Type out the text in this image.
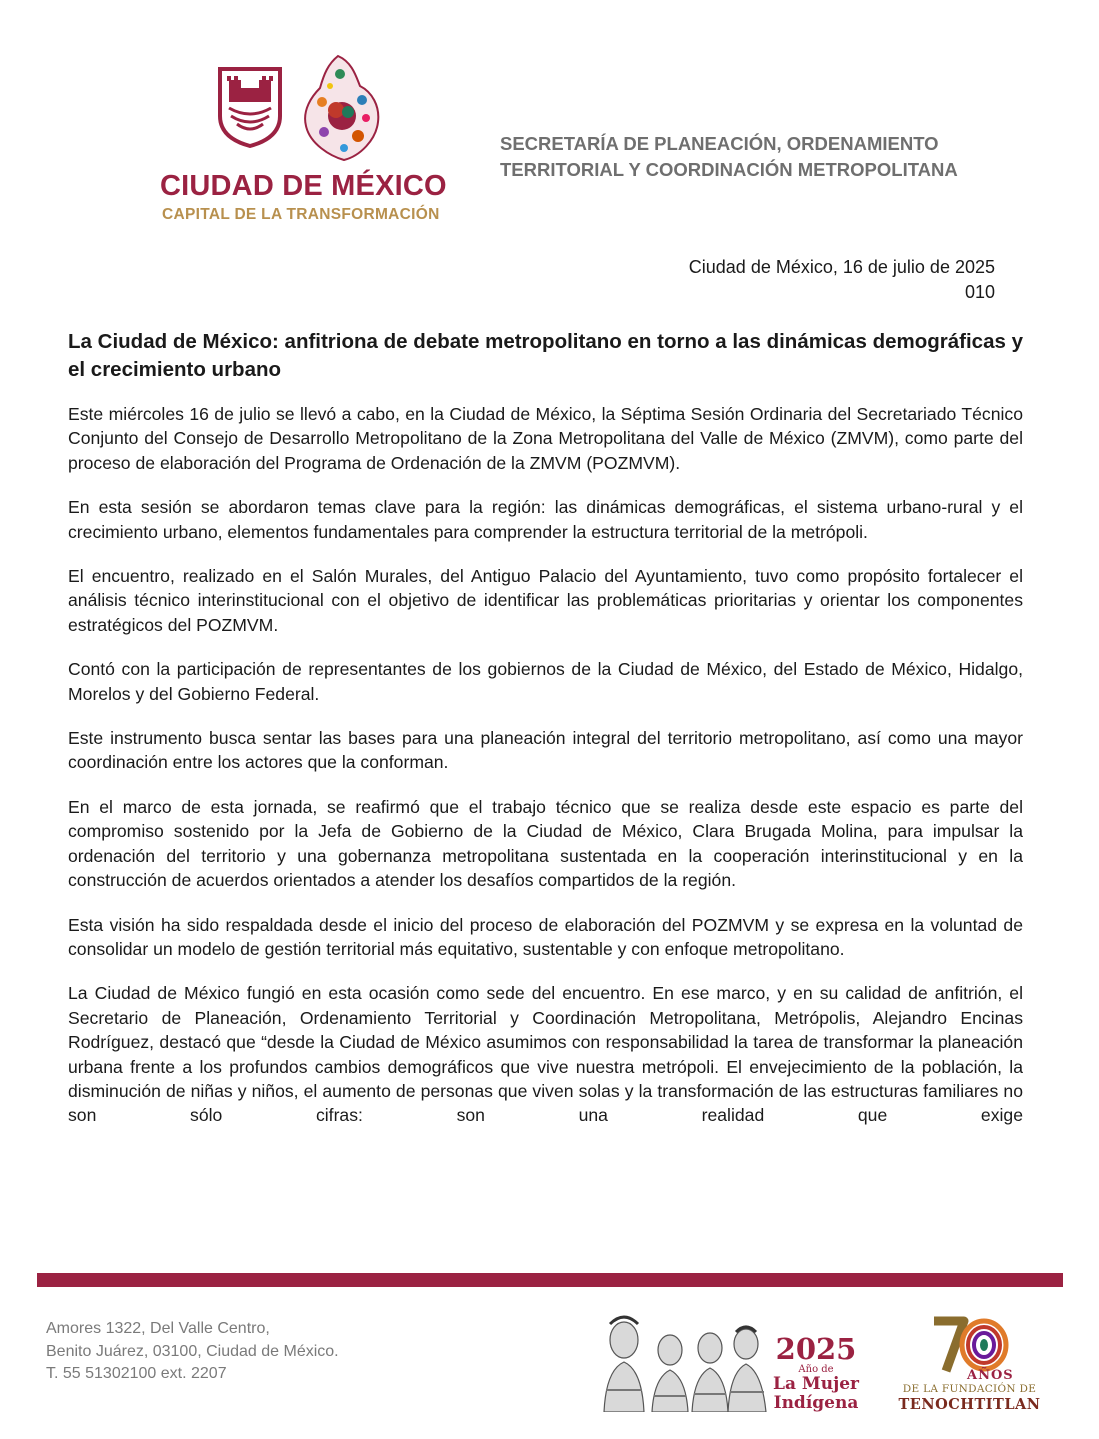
CIUDAD DE MÉXICO
CAPITAL DE LA TRANSFORMACIÓN
SECRETARÍA DE PLANEACIÓN, ORDENAMIENTO
TERRITORIAL Y COORDINACIÓN METROPOLITANA
Ciudad de México, 16 de julio de 2025
010
La Ciudad de México: anfitriona de debate metropolitano en torno a las dinámicas demográficas y el crecimiento urbano

Este miércoles 16 de julio se llevó a cabo, en la Ciudad de México, la Séptima Sesión Ordinaria del Secretariado Técnico Conjunto del Consejo de Desarrollo Metropolitano de la Zona Metropolitana del Valle de México (ZMVM), como parte del proceso de elaboración del Programa de Ordenación de la ZMVM (POZMVM).

En esta sesión se abordaron temas clave para la región: las dinámicas demográficas, el sistema urbano-rural y el crecimiento urbano, elementos fundamentales para comprender la estructura territorial de la metrópoli.

El encuentro, realizado en el Salón Murales, del Antiguo Palacio del Ayuntamiento, tuvo como propósito fortalecer el análisis técnico interinstitucional con el objetivo de identificar las problemáticas prioritarias y orientar los componentes estratégicos del POZMVM.

Contó con la participación de representantes de los gobiernos de la Ciudad de México, del Estado de México, Hidalgo, Morelos y del Gobierno Federal.

Este instrumento busca sentar las bases para una planeación integral del territorio metropolitano, así como una mayor coordinación entre los actores que la conforman.

En el marco de esta jornada, se reafirmó que el trabajo técnico que se realiza desde este espacio es parte del compromiso sostenido por la Jefa de Gobierno de la Ciudad de México, Clara Brugada Molina, para impulsar la ordenación del territorio y una gobernanza metropolitana sustentada en la cooperación interinstitucional y en la construcción de acuerdos orientados a atender los desafíos compartidos de la región.

Esta visión ha sido respaldada desde el inicio del proceso de elaboración del POZMVM y se expresa en la voluntad de consolidar un modelo de gestión territorial más equitativo, sustentable y con enfoque metropolitano.

La Ciudad de México fungió en esta ocasión como sede del encuentro. En ese marco, y en su calidad de anfitrión, el Secretario de Planeación, Ordenamiento Territorial y Coordinación Metropolitana, Metrópolis, Alejandro Encinas Rodríguez, destacó que “desde la Ciudad de México asumimos con responsabilidad la tarea de transformar la planeación urbana frente a los profundos cambios demográficos que vive nuestra metrópoli. El envejecimiento de la población, la disminución de niñas y niños, el aumento de personas que viven solas y la transformación de las estructuras familiares no son sólo cifras: son una realidad que exige

Amores 1322, Del Valle Centro,
Benito Juárez, 03100, Ciudad de México.
T. 55 51302100 ext. 2207
2025
Año de
La Mujer
Indígena
AÑOS
DE LA FUNDACIÓN DE
TENOCHTITLAN
